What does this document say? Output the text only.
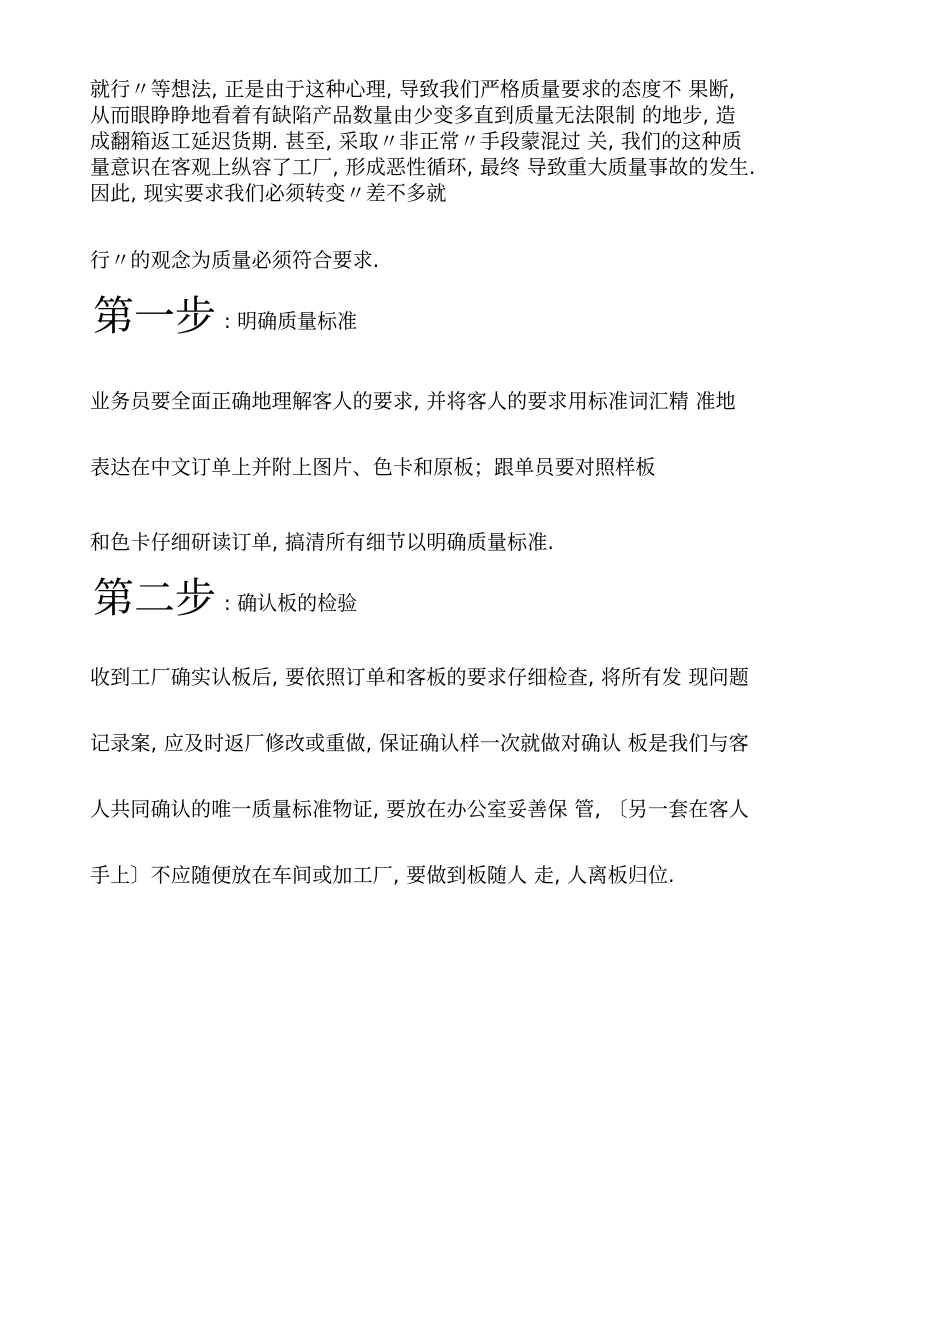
就行〃等想法, 正是由于这种心理, 导致我们严格质量要求的态度不 果断,
从而眼睁睁地看着有缺陷产品数量由少变多直到质量无法限制 的地步, 造
成翻箱返工延迟货期. 甚至, 采取〃非正常〃手段蒙混过 关, 我们的这种质
量意识在客观上纵容了工厂, 形成恶性循环, 最终 导致重大质量事故的发生.
因此, 现实要求我们必须转变〃差不多就
行〃的观念为质量必须符合要求.
第一步 : 明确质量标准
业务员要全面正确地理解客人的要求, 并将客人的要求用标准词汇精 准地
表达在中文订单上并附上图片、色卡和原板；跟单员要对照样板
和色卡仔细研读订单, 搞清所有细节以明确质量标准.
第二步 : 确认板的检验
收到工厂确实认板后, 要依照订单和客板的要求仔细检查, 将所有发 现问题
记录案, 应及时返厂修改或重做, 保证确认样一次就做对确认 板是我们与客
人共同确认的唯一质量标准物证, 要放在办公室妥善保 管, 〔另一套在客人
手上〕不应随便放在车间或加工厂, 要做到板随人 走, 人离板归位.
